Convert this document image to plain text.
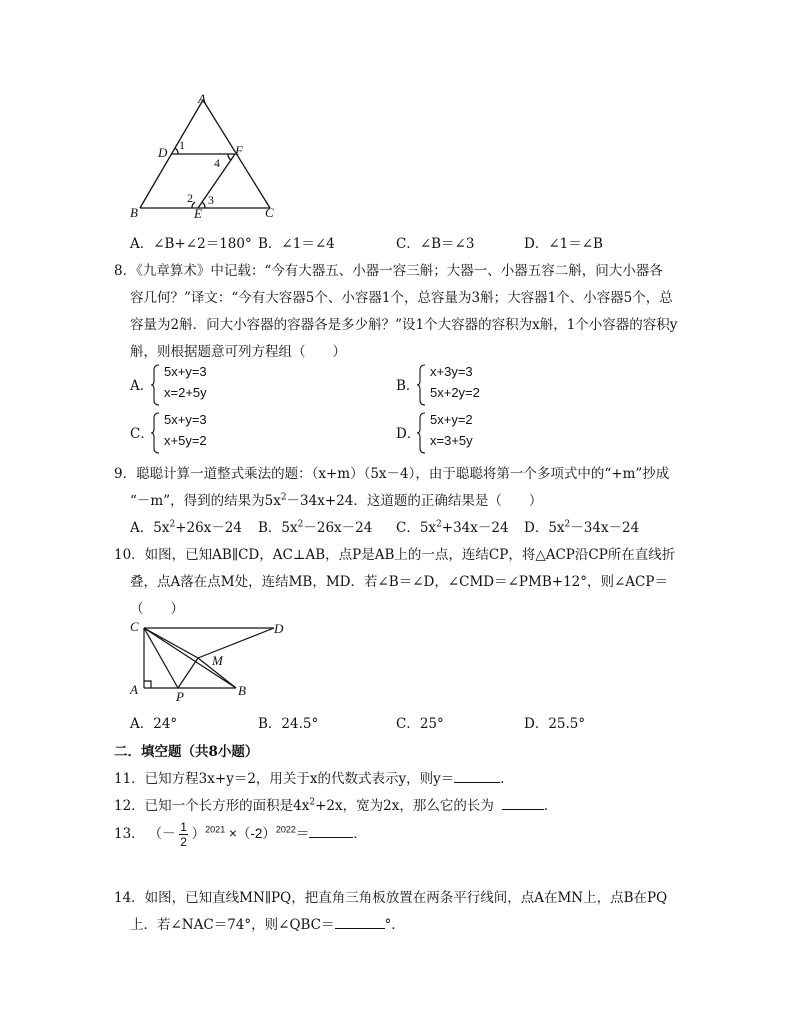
A
D	F
B	E	C
1
4
2 3
A．∠B+∠2＝180° B．∠1＝∠4	C．∠B＝∠3	D．∠1＝∠B
8．《九章算术》中记载：“今有大器五、小器一容三斛；大器一、小器五容二斛，问大小器各
容几何？”译文：“今有大容器5个、小容器1个，总容量为3斛；大容器1个、小容器5个，总
容量为2斛．问大小容器的容器各是多少斛？”设1个大容器的容积为x斛，1个小容器的容积y
斛，则根据题意可列方程组（　　）
A．
5x+y=3
x=2+5y	B．
x+3y=3
5x+2y=2
C．
5x+y=3
x+5y=2	D．
5x+y=2
x=3+5y
9．聪聪计算一道整式乘法的题：（x+m）（5x－4），由于聪聪将第一个多项式中的“+m”抄成
“－m”，得到的结果为$5x^2-34x+24$．这道题的正确结果是（　　）
A．$5x^2+26x-24$ B．$5x^2-26x-24$ C．$5x^2+34x-24$ D．$5x^2-34x-24$
10．如图，已知AB∥CD，AC⊥AB，点P是AB上的一点，连结CP，将△ACP沿CP所在直线折
叠，点A落在点M处，连结MB，MD．若∠B＝∠D，∠CMD＝∠PMB+12°，则∠ACP＝
（　　）
C	D
M
A	P	B
A．24°	B．24.5°	C．25°	D．25.5°
二．填空题（共8小题）
11．已知方程3x+y＝2，用关于x的代数式表示y，则y＝	．
12．已知一个长方形的面积是$4x^2+2x$，宽为2x，那么它的长为	．
13． （－ $\frac{1}{2} )^{2021} \times(-2)^{2022}=$	．
14．如图，已知直线MN∥PQ，把直角三角板放置在两条平行线间，点A在MN上，点B在PQ
上．若∠NAC＝74°，则∠QBC＝	°．
